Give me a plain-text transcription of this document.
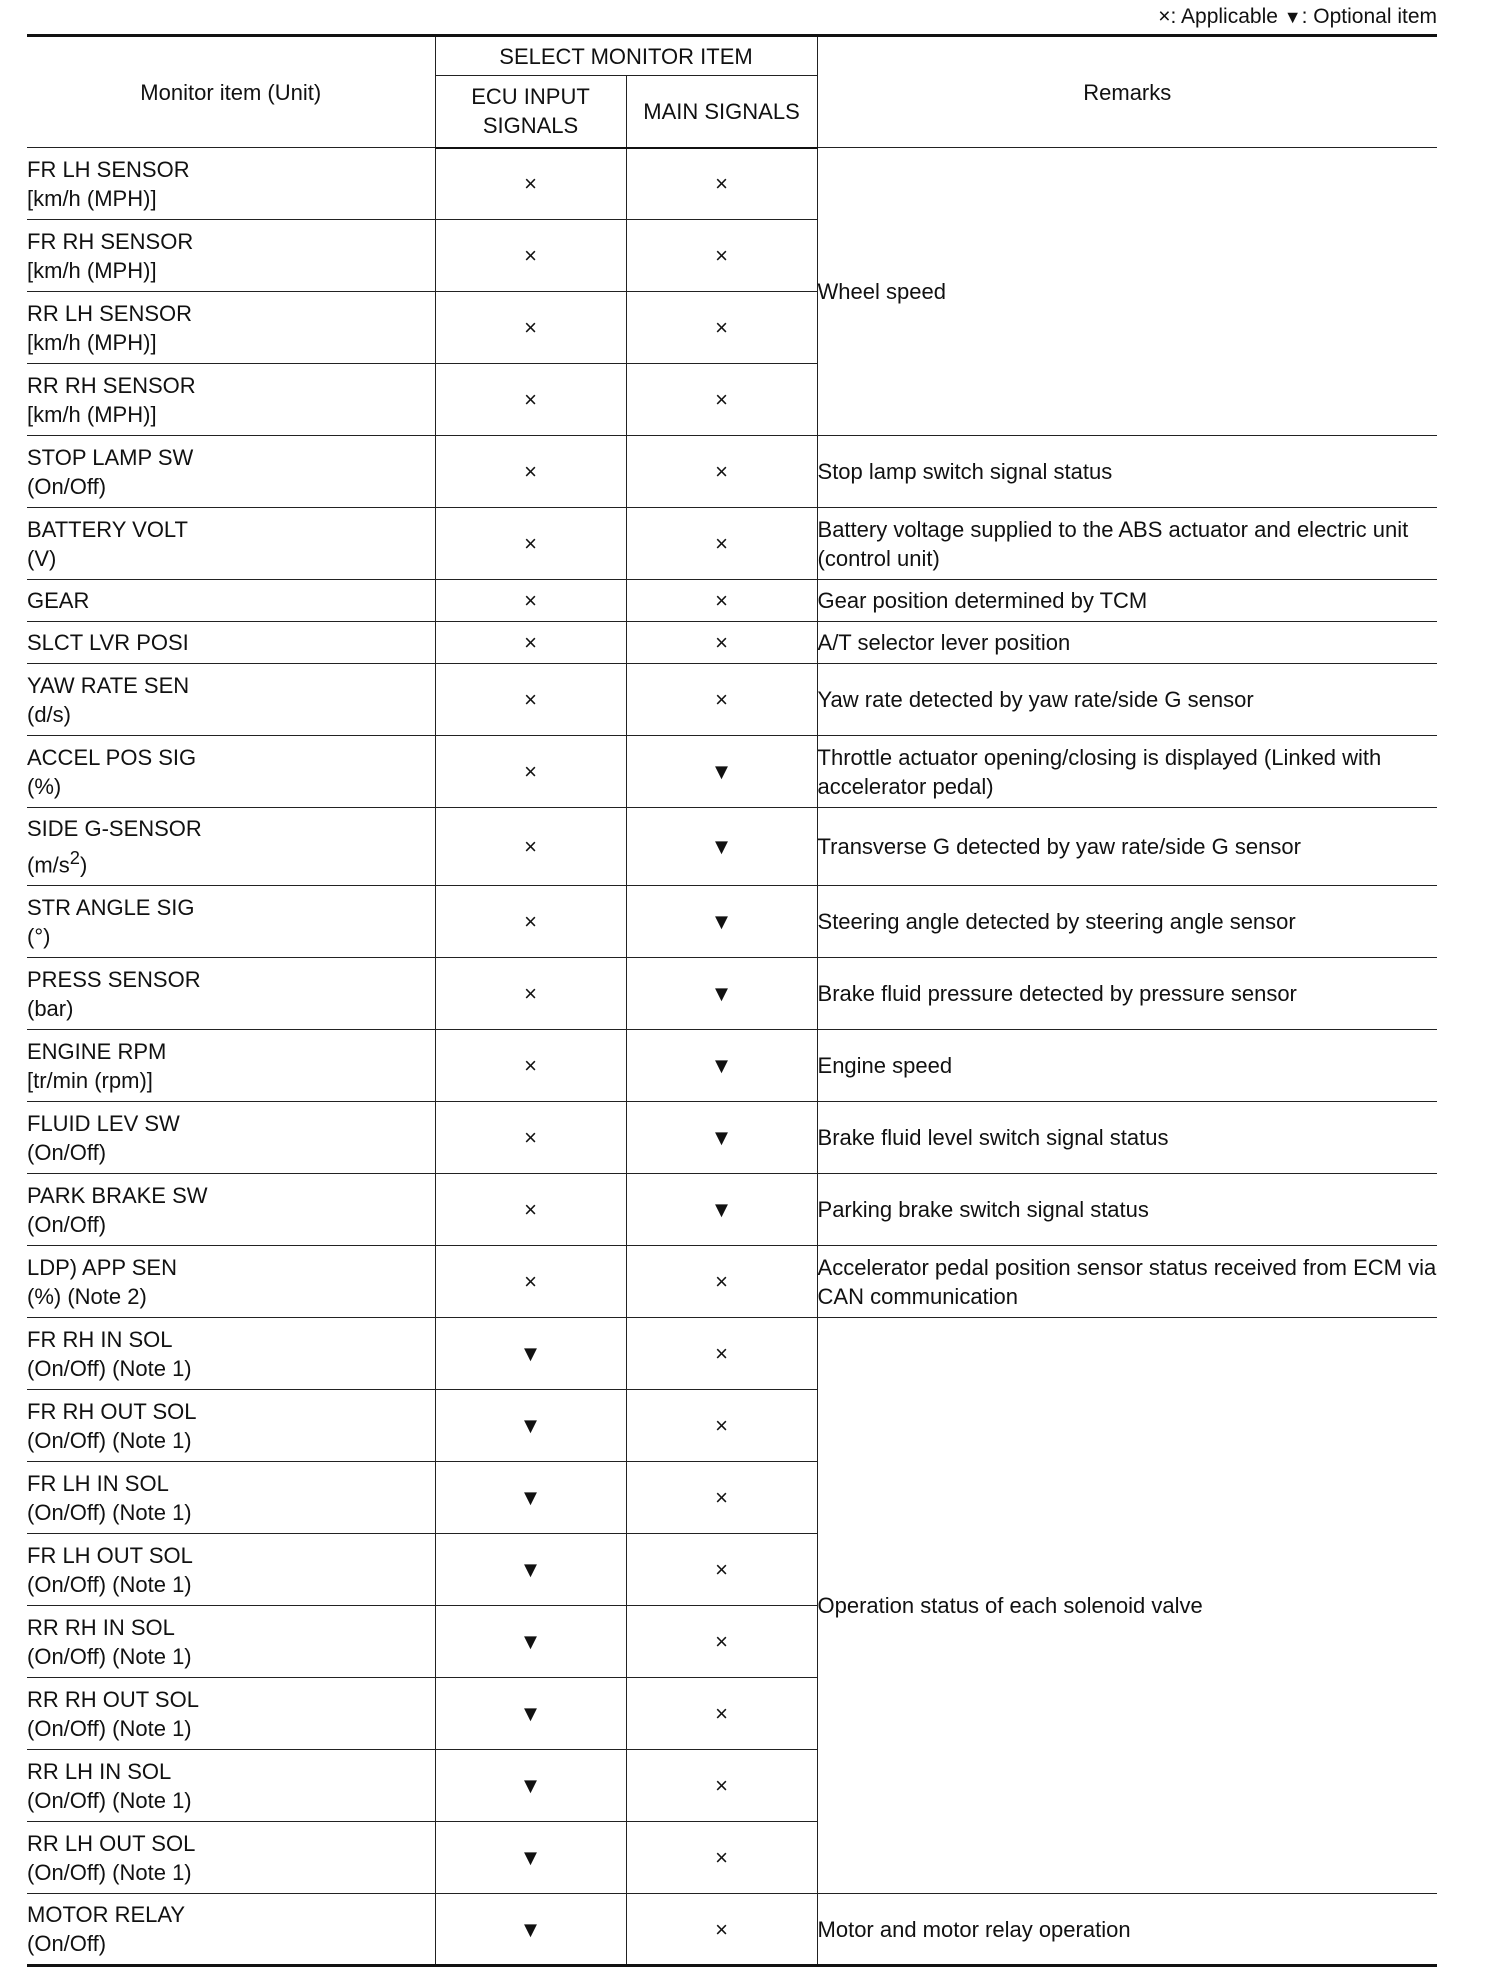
×: Applicable ▼: Optional item
Monitor item (Unit)	SELECT MONITOR ITEM		Remarks
	ECU INPUT SIGNALS	MAIN SIGNALS	

FR LH SENSOR
[km/h (MPH)]	×	×	Wheel speed

FR RH SENSOR
[km/h (MPH)]	×	×	

RR LH SENSOR
[km/h (MPH)]	×	×	

RR RH SENSOR
[km/h (MPH)]	×	×	

STOP LAMP SW
(On/Off)	×	×	Stop lamp switch signal status

BATTERY VOLT
(V)	×	×	Battery voltage supplied to the ABS actuator and electric unit (control unit)

GEAR	×	×	Gear position determined by TCM

SLCT LVR POSI	×	×	A/T selector lever position

YAW RATE SEN
(d/s)	×	×	Yaw rate detected by yaw rate/side G sensor

ACCEL POS SIG
(%)	×	▼	Throttle actuator opening/closing is displayed (Linked with accelerator pedal)

SIDE G-SENSOR
$(m/s^2)$	×	▼	Transverse G detected by yaw rate/side G sensor

STR ANGLE SIG
(°)	×	▼	Steering angle detected by steering angle sensor

PRESS SENSOR
(bar)	×	▼	Brake fluid pressure detected by pressure sensor

ENGINE RPM
[tr/min (rpm)]	×	▼	Engine speed

FLUID LEV SW
(On/Off)	×	▼	Brake fluid level switch signal status

PARK BRAKE SW
(On/Off)	×	▼	Parking brake switch signal status

LDP) APP SEN
(%) (Note 2)	×	×	Accelerator pedal position sensor status received from ECM via CAN communication

FR RH IN SOL
(On/Off) (Note 1)	▼	×	Operation status of each solenoid valve

FR RH OUT SOL
(On/Off) (Note 1)	▼	×	

FR LH IN SOL
(On/Off) (Note 1)	▼	×	

FR LH OUT SOL
(On/Off) (Note 1)	▼	×	

RR RH IN SOL
(On/Off) (Note 1)	▼	×	

RR RH OUT SOL
(On/Off) (Note 1)	▼	×	

RR LH IN SOL
(On/Off) (Note 1)	▼	×	

RR LH OUT SOL
(On/Off) (Note 1)	▼	×	

MOTOR RELAY
(On/Off)	▼	×	Motor and motor relay operation
